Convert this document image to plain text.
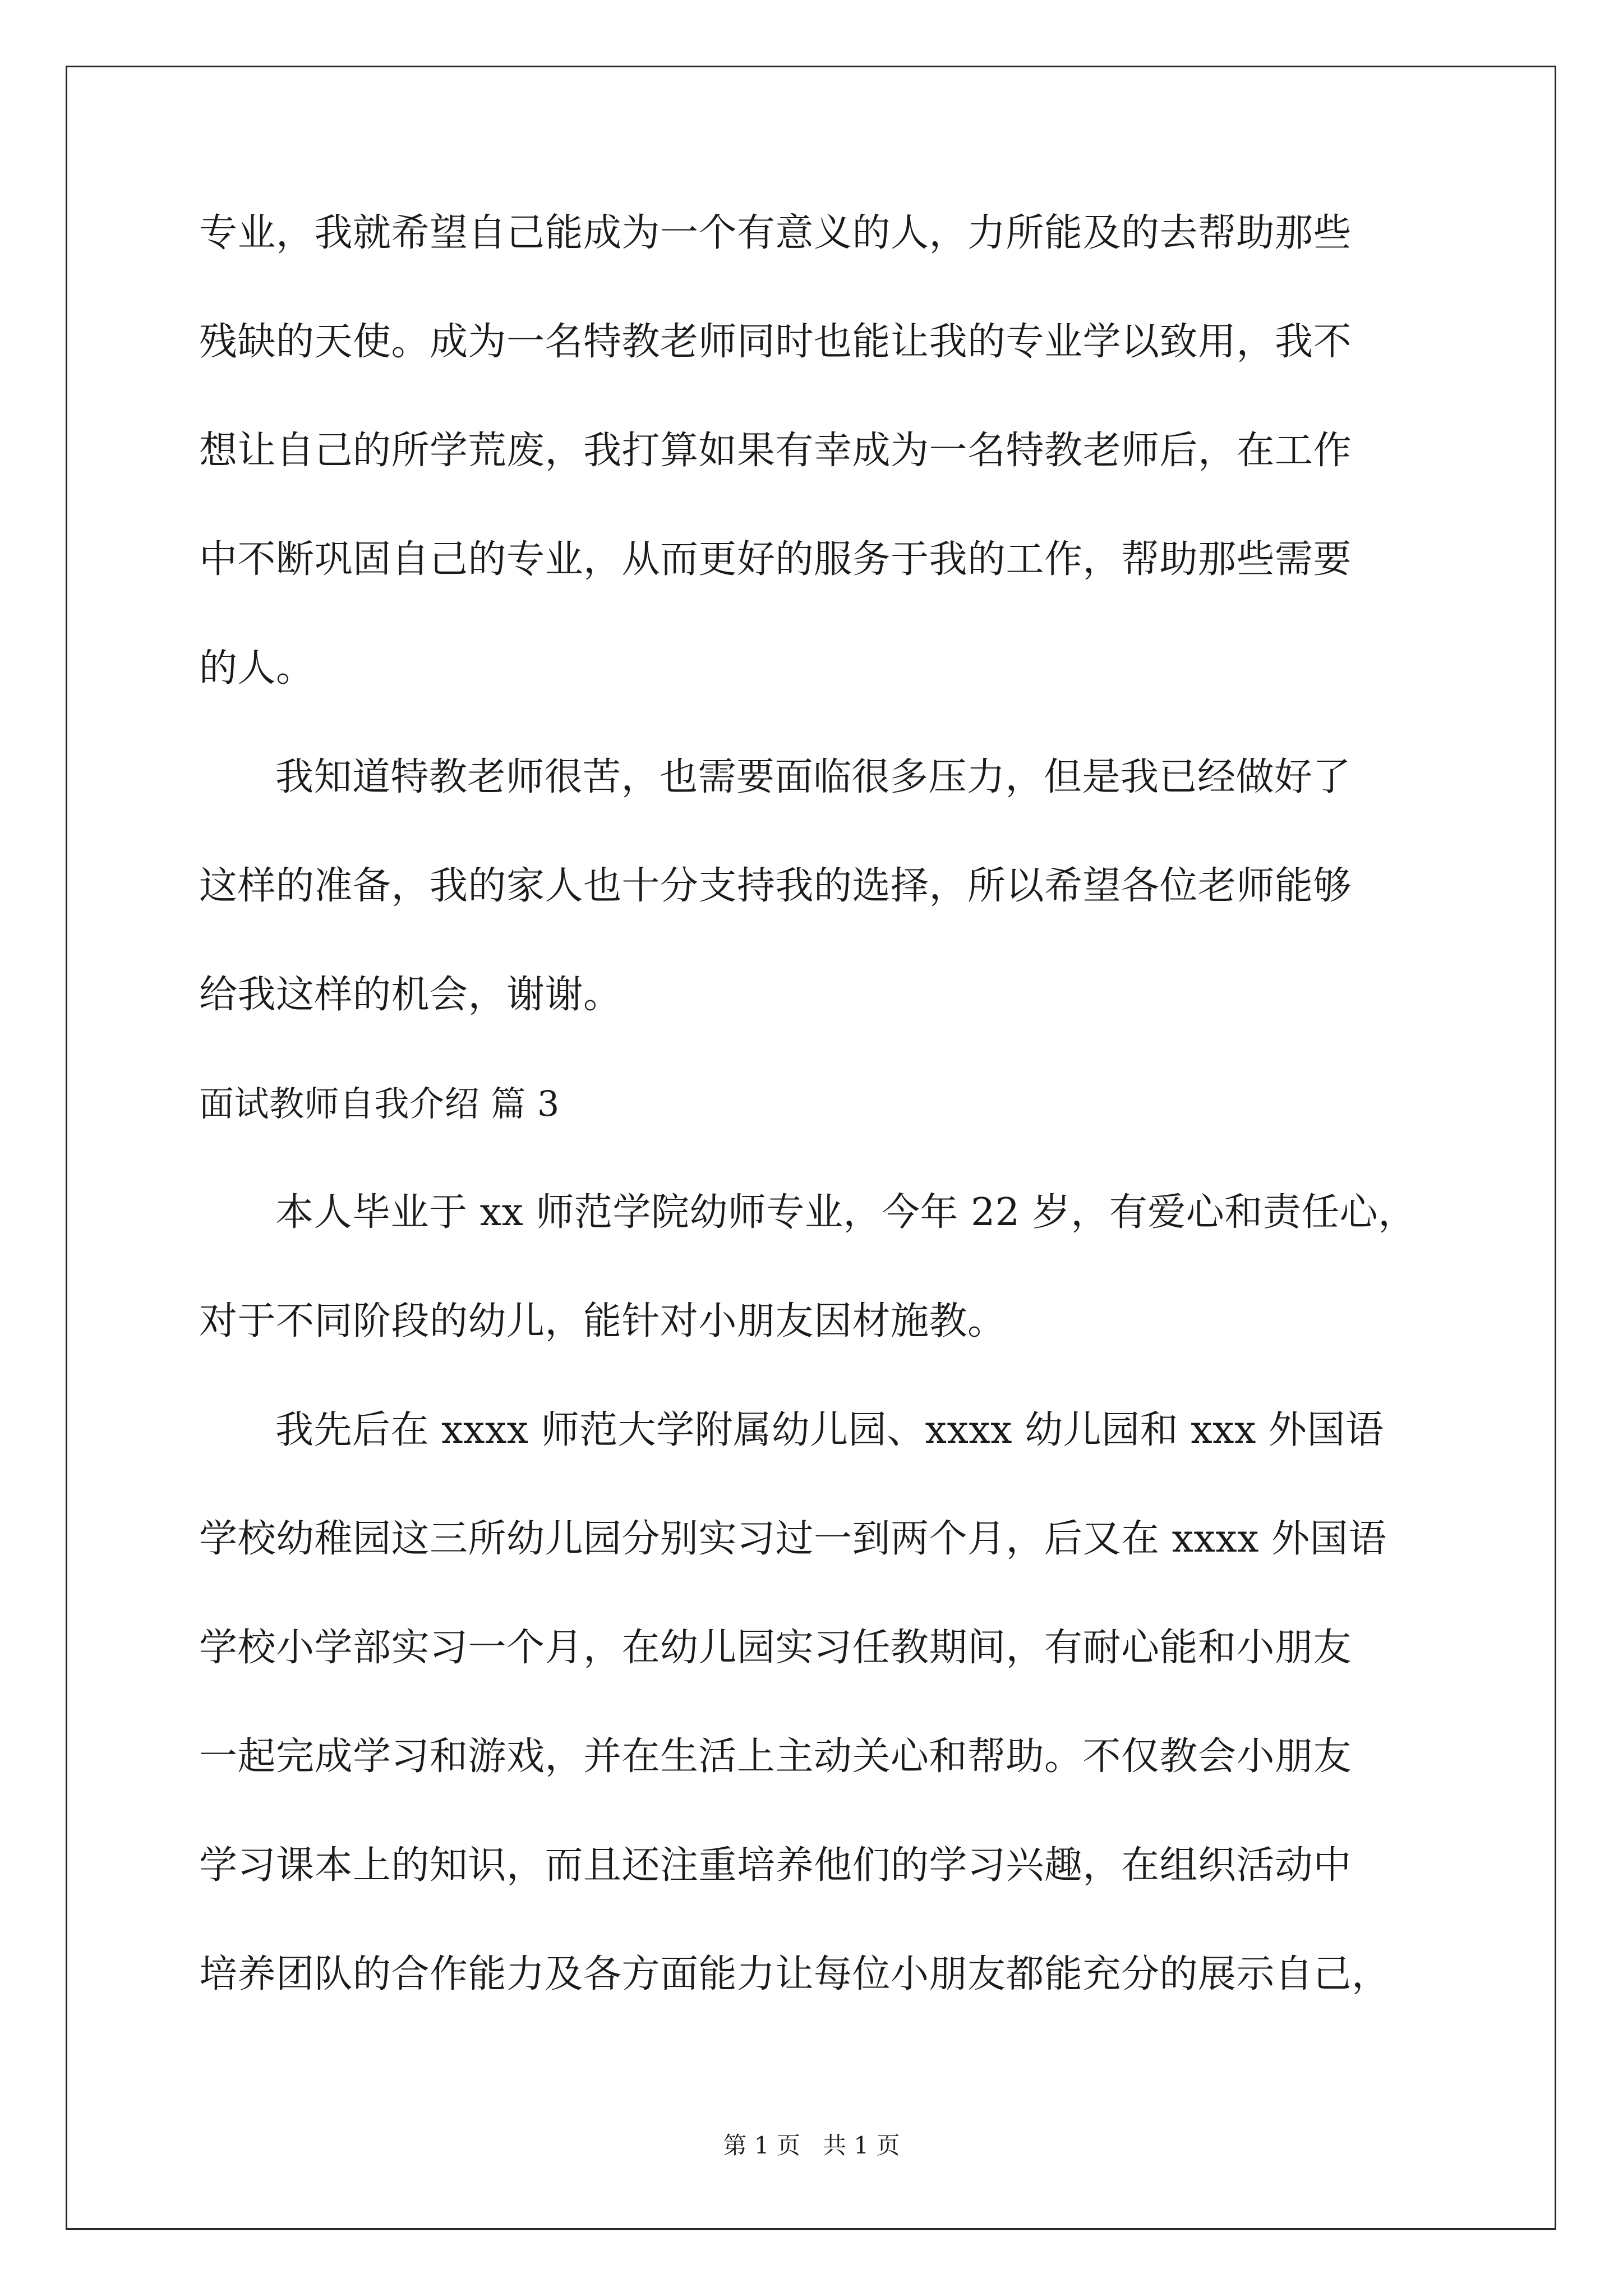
专业，我就希望自己能成为一个有意义的人，力所能及的去帮助那些
残缺的天使。成为一名特教老师同时也能让我的专业学以致用，我不
想让自己的所学荒废，我打算如果有幸成为一名特教老师后，在工作
中不断巩固自己的专业，从而更好的服务于我的工作，帮助那些需要
的人。
我知道特教老师很苦，也需要面临很多压力，但是我已经做好了
这样的准备，我的家人也十分支持我的选择，所以希望各位老师能够
给我这样的机会，谢谢。
面试教师自我介绍 篇 3
本人毕业于 xx 师范学院幼师专业，今年 22 岁，有爱心和责任心，
对于不同阶段的幼儿，能针对小朋友因材施教。
我先后在 xxxx 师范大学附属幼儿园、xxxx 幼儿园和 xxx 外国语
学校幼稚园这三所幼儿园分别实习过一到两个月，后又在 xxxx 外国语
学校小学部实习一个月，在幼儿园实习任教期间，有耐心能和小朋友
一起完成学习和游戏，并在生活上主动关心和帮助。不仅教会小朋友
学习课本上的知识，而且还注重培养他们的学习兴趣，在组织活动中
培养团队的合作能力及各方面能力让每位小朋友都能充分的展示自己，
第 1 页   共 1 页
